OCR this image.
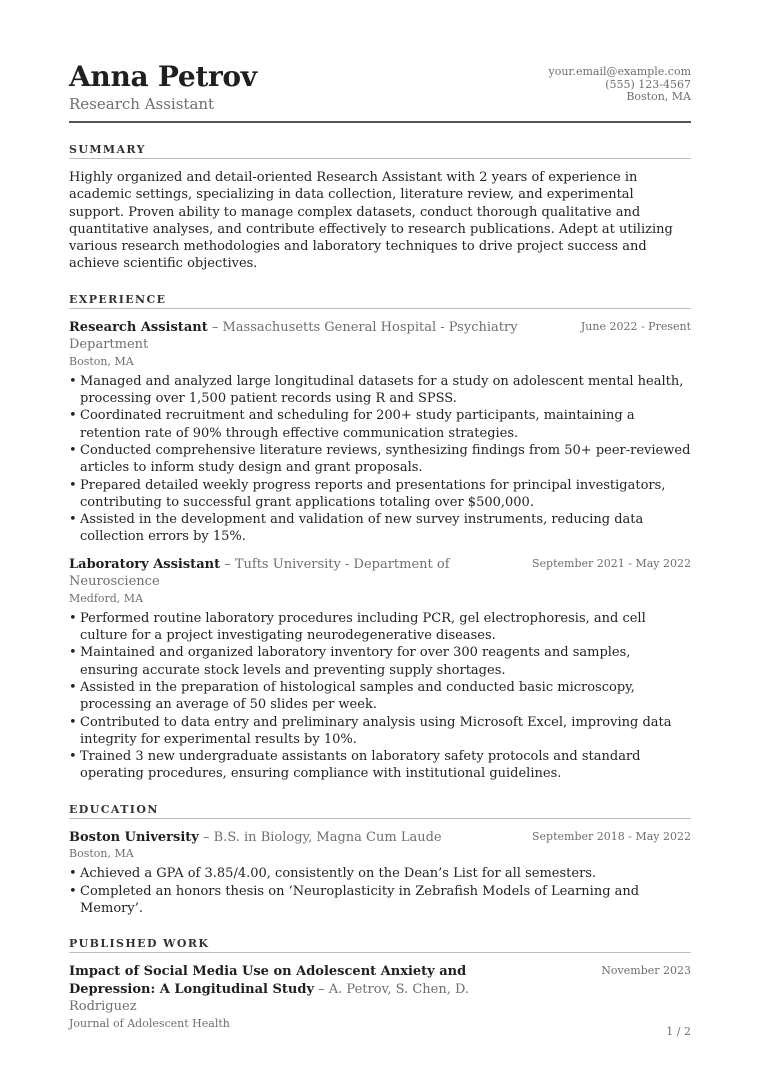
Anna Petrov
Research Assistant
your.email@example.com
(555) 123-4567
Boston, MA
SUMMARY
Highly organized and detail-oriented Research Assistant with 2 years of experience in academic settings, specializing in data collection, literature review, and experimental support. Proven ability to manage complex datasets, conduct thorough qualitative and quantitative analyses, and contribute effectively to research publications. Adept at utilizing various research methodologies and laboratory techniques to drive project success and achieve scientific objectives.
EXPERIENCE
Research Assistant – Massachusetts General Hospital - Psychiatry Department
June 2022 - Present
Boston, MA
• Managed and analyzed large longitudinal datasets for a study on adolescent mental health, processing over 1,500 patient records using R and SPSS.
• Coordinated recruitment and scheduling for 200+ study participants, maintaining a retention rate of 90% through effective communication strategies.
• Conducted comprehensive literature reviews, synthesizing findings from 50+ peer-reviewed articles to inform study design and grant proposals.
• Prepared detailed weekly progress reports and presentations for principal investigators, contributing to successful grant applications totaling over $500,000.
• Assisted in the development and validation of new survey instruments, reducing data collection errors by 15%.
Laboratory Assistant – Tufts University - Department of Neuroscience
September 2021 - May 2022
Medford, MA
• Performed routine laboratory procedures including PCR, gel electrophoresis, and cell culture for a project investigating neurodegenerative diseases.
• Maintained and organized laboratory inventory for over 300 reagents and samples, ensuring accurate stock levels and preventing supply shortages.
• Assisted in the preparation of histological samples and conducted basic microscopy, processing an average of 50 slides per week.
• Contributed to data entry and preliminary analysis using Microsoft Excel, improving data integrity for experimental results by 10%.
• Trained 3 new undergraduate assistants on laboratory safety protocols and standard operating procedures, ensuring compliance with institutional guidelines.
EDUCATION
Boston University – B.S. in Biology, Magna Cum Laude	September 2018 - May 2022
Boston, MA
• Achieved a GPA of 3.85/4.00, consistently on the Dean’s List for all semesters.
• Completed an honors thesis on ‘Neuroplasticity in Zebrafish Models of Learning and Memory’.
PUBLISHED WORK
Impact of Social Media Use on Adolescent Anxiety and Depression: A Longitudinal Study – A. Petrov, S. Chen, D. Rodriguez
November 2023
Journal of Adolescent Health
1 / 2
